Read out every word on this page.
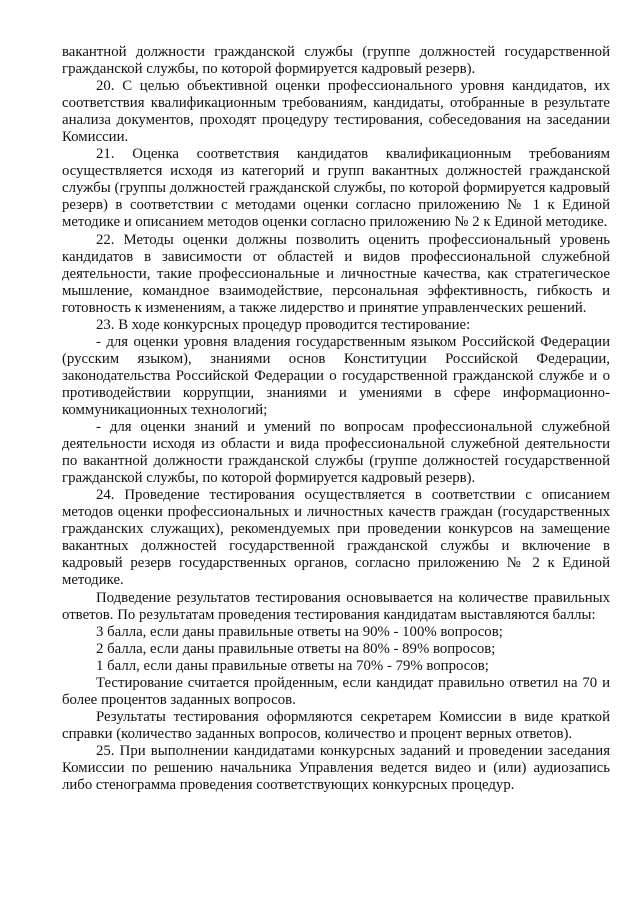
вакантной должности гражданской службы (группе должностей государственной гражданской службы, по которой формируется кадровый резерв).

20. С целью объективной оценки профессионального уровня кандидатов, их соответствия квалификационным требованиям, кандидаты, отобранные в результате анализа документов, проходят процедуру тестирования, собеседования на заседании Комиссии.

21. Оценка соответствия кандидатов квалификационным требованиям осуществляется исходя из категорий и групп вакантных должностей гражданской службы (группы должностей гражданской службы, по которой формируется кадровый резерв) в соответствии с методами оценки согласно приложению № 1 к Единой методике и описанием методов оценки согласно приложению № 2 к Единой методике.

22. Методы оценки должны позволить оценить профессиональный уровень кандидатов в зависимости от областей и видов профессиональной служебной деятельности, такие профессиональные и личностные качества, как стратегическое мышление, командное взаимодействие, персональная эффективность, гибкость и готовность к изменениям, а также лидерство и принятие управленческих решений.

23. В ходе конкурсных процедур проводится тестирование:

- для оценки уровня владения государственным языком Российской Федерации (русским языком), знаниями основ Конституции Российской Федерации, законодательства Российской Федерации о государственной гражданской службе и о противодействии коррупции, знаниями и умениями в сфере информационно-коммуникационных технологий;

- для оценки знаний и умений по вопросам профессиональной служебной деятельности исходя из области и вида профессиональной служебной деятельности по вакантной должности гражданской службы (группе должностей государственной гражданской службы, по которой формируется кадровый резерв).

24. Проведение тестирования осуществляется в соответствии с описанием методов оценки профессиональных и личностных качеств граждан (государственных гражданских служащих), рекомендуемых при проведении конкурсов на замещение вакантных должностей государственной гражданской службы и включение в кадровый резерв государственных органов, согласно приложению № 2 к Единой методике.

Подведение результатов тестирования основывается на количестве правильных ответов. По результатам проведения тестирования кандидатам выставляются баллы:

3 балла, если даны правильные ответы на 90% - 100% вопросов;

2 балла, если даны правильные ответы на 80% - 89% вопросов;

1 балл, если даны правильные ответы на 70% - 79% вопросов;

Тестирование считается пройденным, если кандидат правильно ответил на 70 и более процентов заданных вопросов.

Результаты тестирования оформляются секретарем Комиссии в виде краткой справки (количество заданных вопросов, количество и процент верных ответов).

25. При выполнении кандидатами конкурсных заданий и проведении заседания Комиссии по решению начальника Управления ведется видео и (или) аудиозапись либо стенограмма проведения соответствующих конкурсных процедур.
